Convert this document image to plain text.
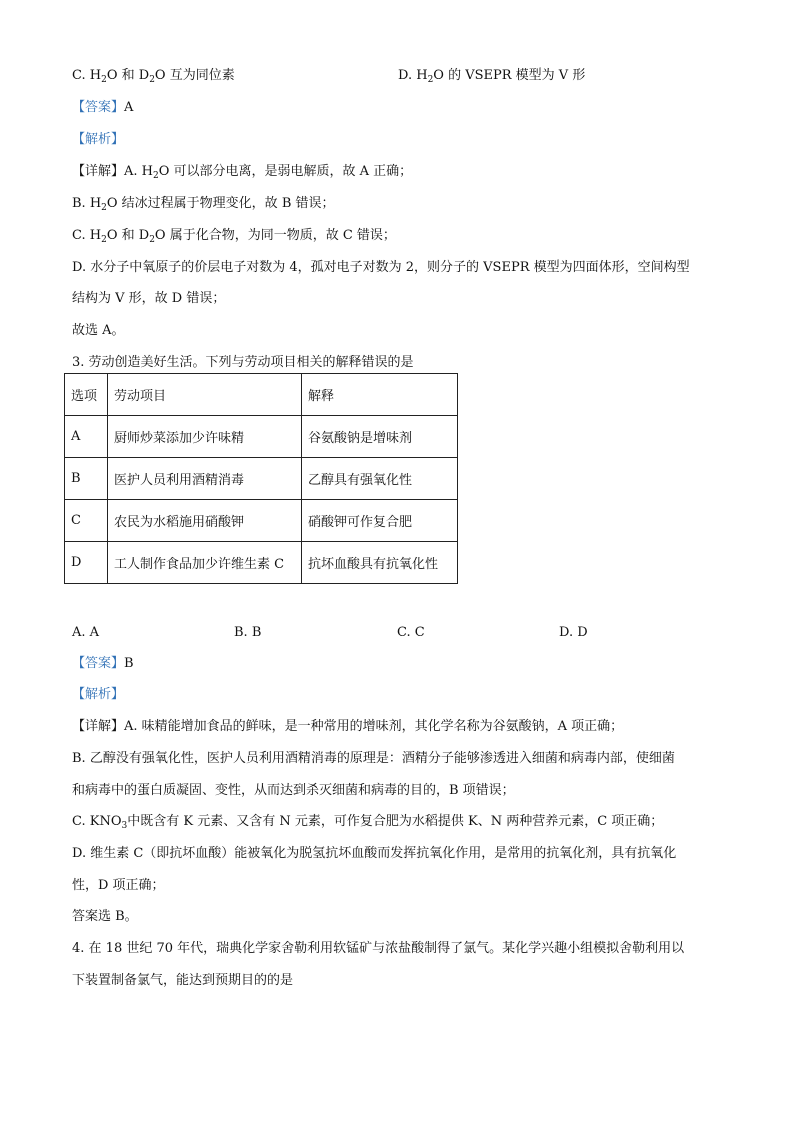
C. $H_2O$ 和 $D_2O$ 互为同位素	D. $H_2O$ 的 VSEPR 模型为 V 形
【答案】A
【解析】
【详解】A. $H_2O$ 可以部分电离，是弱电解质，故 A 正确；
B. $H_2O$ 结冰过程属于物理变化，故 B 错误；
C. $H_2O$ 和 $D_2O$ 属于化合物，为同一物质，故 C 错误；
D. 水分子中氧原子的价层电子对数为 4，孤对电子对数为 2，则分子的 VSEPR 模型为四面体形，空间构型
结构为 V 形，故 D 错误；
故选 A。
3. 劳动创造美好生活。下列与劳动项目相关的解释错误的是
选项	劳动项目	解释
A	厨师炒菜添加少许味精	谷氨酸钠是增味剂
B	医护人员利用酒精消毒	乙醇具有强氧化性
C	农民为水稻施用硝酸钾	硝酸钾可作复合肥
D	工人制作食品加少许维生素 C	抗坏血酸具有抗氧化性
A. A	B. B	C. C	D. D
【答案】B
【解析】
【详解】A. 味精能增加食品的鲜味，是一种常用的增味剂，其化学名称为谷氨酸钠，A 项正确；
B. 乙醇没有强氧化性，医护人员利用酒精消毒的原理是：酒精分子能够渗透进入细菌和病毒内部，使细菌
和病毒中的蛋白质凝固、变性，从而达到杀灭细菌和病毒的目的，B 项错误；
C. $KNO_3$中既含有 K 元素、又含有 N 元素，可作复合肥为水稻提供 K、N 两种营养元素，C 项正确；
D. 维生素 C（即抗坏血酸）能被氧化为脱氢抗坏血酸而发挥抗氧化作用，是常用的抗氧化剂，具有抗氧化
性，D 项正确；
答案选 B。
4. 在 18 世纪 70 年代，瑞典化学家舍勒利用软锰矿与浓盐酸制得了氯气。某化学兴趣小组模拟舍勒利用以
下装置制备氯气，能达到预期目的的是
